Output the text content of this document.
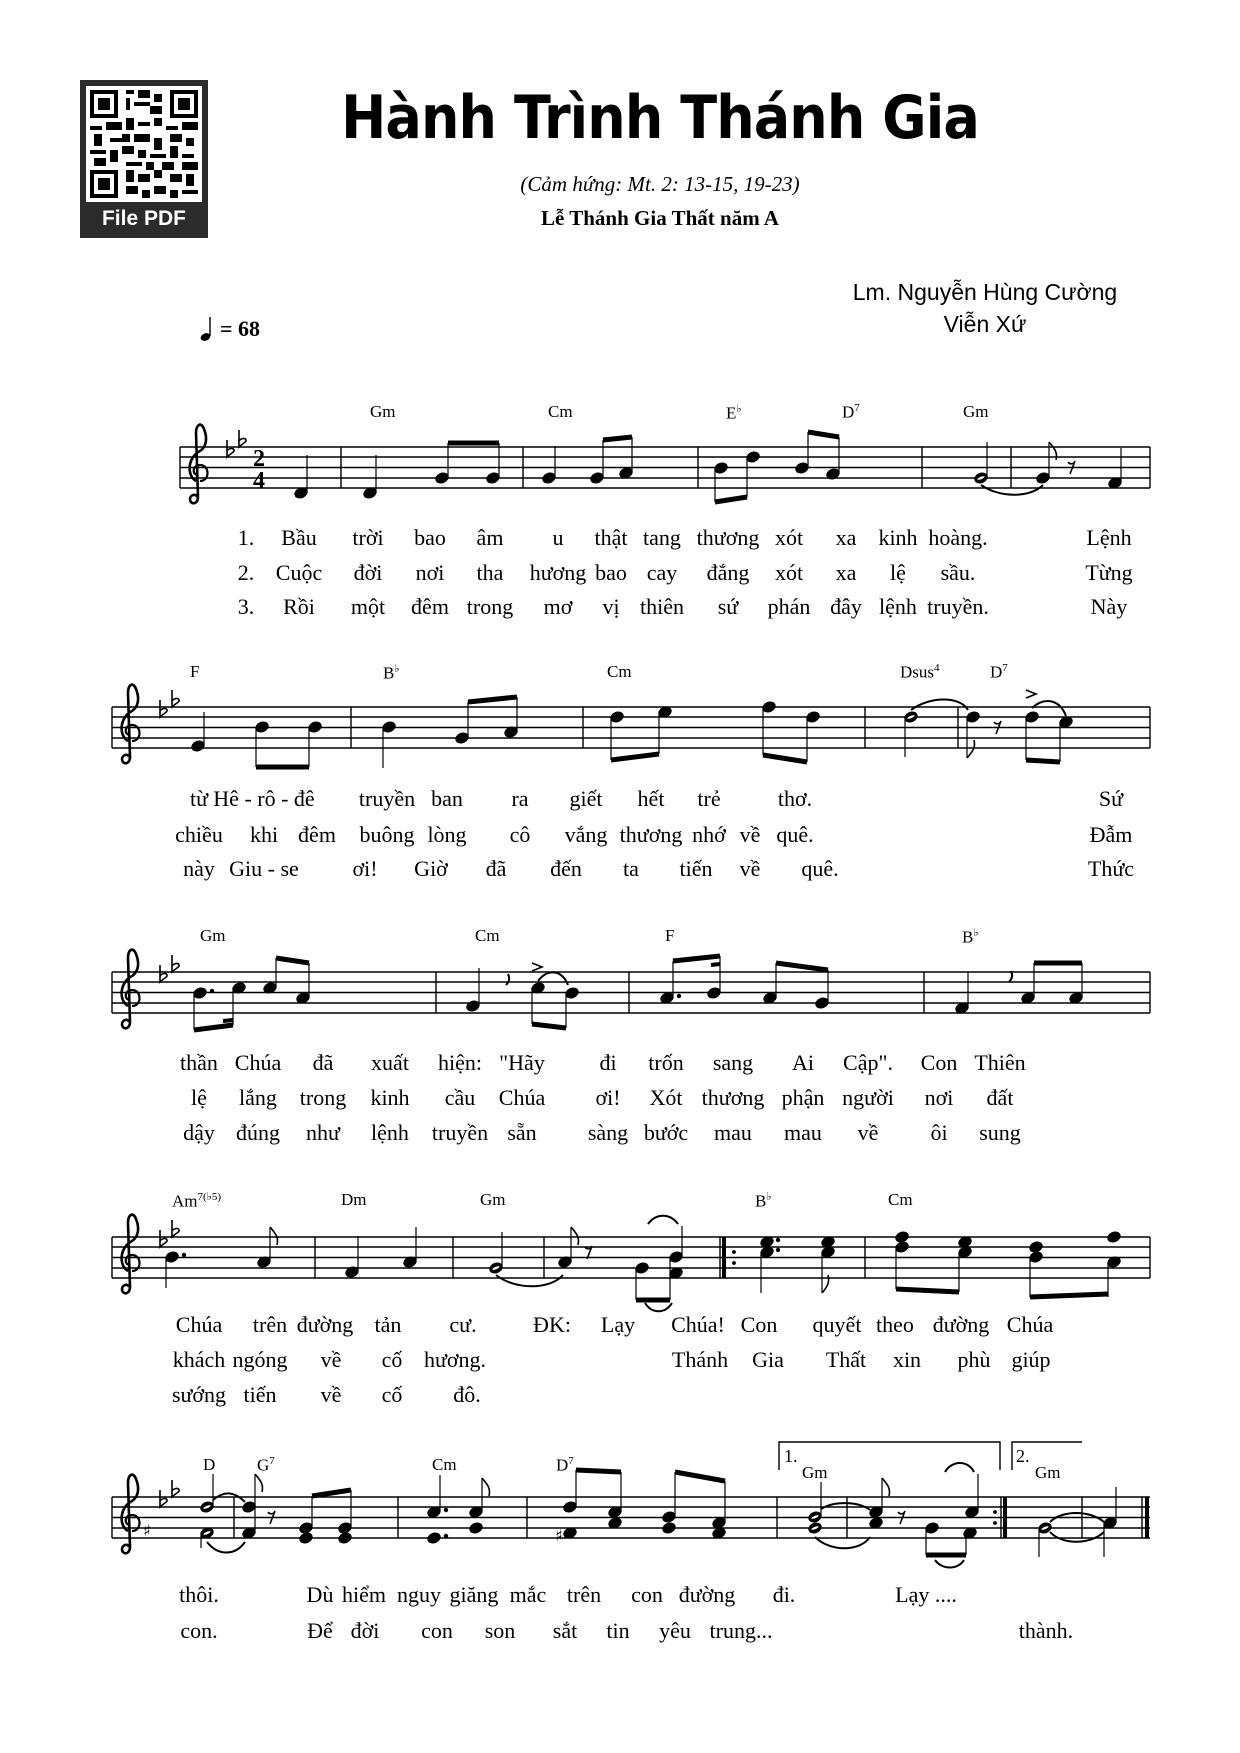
File PDF
Hành Trình Thánh Gia
(Cảm hứng: Mt. 2: 13-15, 19-23)
Lễ Thánh Gia Thất năm A
Lm. Nguyễn Hùng Cường
Viễn Xứ
= 68
2
4
♯	♯
1.	2.
Gm	Cm	E♭	$D^7$	Gm
F	B♭	Cm	Dsus$^4$	$D^7$
Gm	Cm	F	B♭
$Am^{7(♭5)}$	Dm	Gm	B♭	Cm
D $G^7$	Cm	$D^7$
Gm	Gm
1. Bầu trời bao âm u thật tang thương xót xa kinh hoàng.	Lệnh
2. Cuộc đời nơi tha hương bao cay đắng xót xa lệ sầu.	Từng
3. Rồi một đêm trong mơ vị thiên sứ phán đây lệnh truyền.	Này
từ Hê - rô - đê truyền ban ra giết hết trẻ	thơ.	Sứ
chiều khi đêm buông lòng cô vắng thương nhớ về quê.	Đẫm
này Giu - se ơi! Giờ đã đến ta tiến về quê.	Thức
thần Chúa đã xuất hiện: "Hãy đi trốn sang Ai Cập". Con Thiên
lệ lắng trong kinh cầu Chúa ơi! Xót thương phận người nơi đất
dậy đúng như lệnh truyền sẵn sàng bước mau mau về ôi sung
Chúa trên đường tản cư.	ĐK: Lạy Chúa! Con quyết theo đường Chúa
khách ngóng về cố hương.	Thánh Gia Thất xin phù giúp
sướng tiến về cố đô.
thôi.	Dù hiểm nguy giăng mắc trên con đường đi.	Lạy ....
con.	Để đời con son sắt tin yêu trung...	thành.
